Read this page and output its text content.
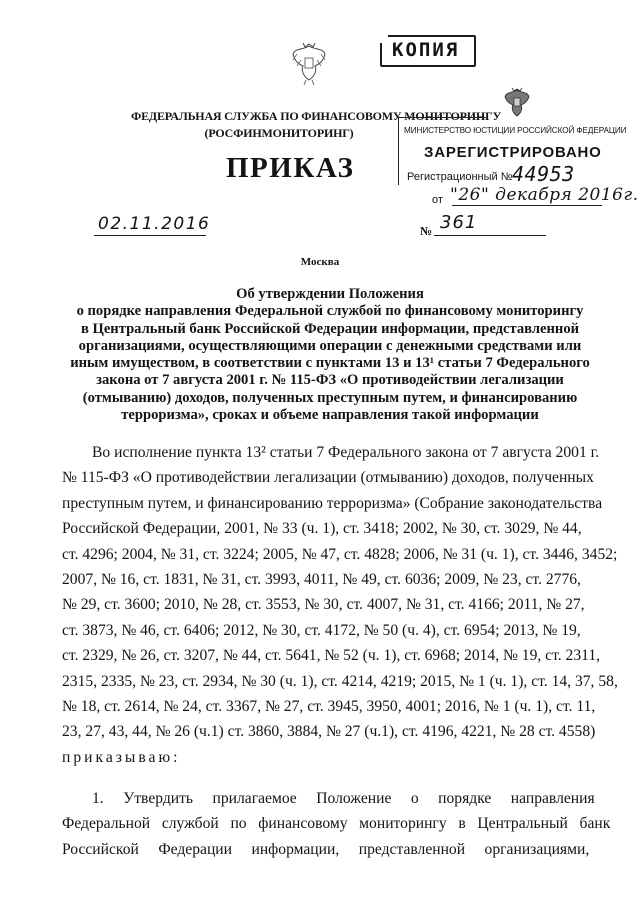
ФЕДЕРАЛЬНАЯ СЛУЖБА ПО ФИНАНСОВОМУ МОНИТОРИНГУ
(РОСФИНМОНИТОРИНГ)
ПРИКАЗ
КОПИЯ
МИНИСТЕРСТВО ЮСТИЦИИ РОССИЙСКОЙ ФЕДЕРАЦИИ
ЗАРЕГИСТРИРОВАНО
Регистрационный № 44953
от "26" декабря 2016г.
02.11.2016	№ 361
Москва
Об утверждении Положения
о порядке направления Федеральной службой по финансовому мониторингу
в Центральный банк Российской Федерации информации, представленной
организациями, осуществляющими операции с денежными средствами или
иным имуществом, в соответствии с пунктами 13 и 13¹ статьи 7 Федерального
закона от 7 августа 2001 г. № 115-ФЗ «О противодействии легализации
(отмыванию) доходов, полученных преступным путем, и финансированию
терроризма», сроках и объеме направления такой информации
Во исполнение пункта 13² статьи 7 Федерального закона от 7 августа 2001 г.
№ 115-ФЗ «О противодействии легализации (отмыванию) доходов, полученных
преступным путем, и финансированию терроризма» (Собрание законодательства
Российской Федерации, 2001, № 33 (ч. 1), ст. 3418; 2002, № 30, ст. 3029, № 44,
ст. 4296; 2004, № 31, ст. 3224; 2005, № 47, ст. 4828; 2006, № 31 (ч. 1), ст. 3446, 3452;
2007, № 16, ст. 1831, № 31, ст. 3993, 4011, № 49, ст. 6036; 2009, № 23, ст. 2776,
№ 29, ст. 3600; 2010, № 28, ст. 3553, № 30, ст. 4007, № 31, ст. 4166; 2011, № 27,
ст. 3873, № 46, ст. 6406; 2012, № 30, ст. 4172, № 50 (ч. 4), ст. 6954; 2013, № 19,
ст. 2329, № 26, ст. 3207, № 44, ст. 5641, № 52 (ч. 1), ст. 6968; 2014, № 19, ст. 2311,
2315, 2335, № 23, ст. 2934, № 30 (ч. 1), ст. 4214, 4219; 2015, № 1 (ч. 1), ст. 14, 37, 58,
№ 18, ст. 2614, № 24, ст. 3367, № 27, ст. 3945, 3950, 4001; 2016, № 1 (ч. 1), ст. 11,
23, 27, 43, 44, № 26 (ч.1) ст. 3860, 3884, № 27 (ч.1), ст. 4196, 4221, № 28 ст. 4558)
приказываю:
1.     Утвердить     прилагаемое     Положение     о     порядке     направления
Федеральной   службой   по   финансовому   мониторингу   в   Центральный   банк
Российской     Федерации     информации,     представленной     организациями,
